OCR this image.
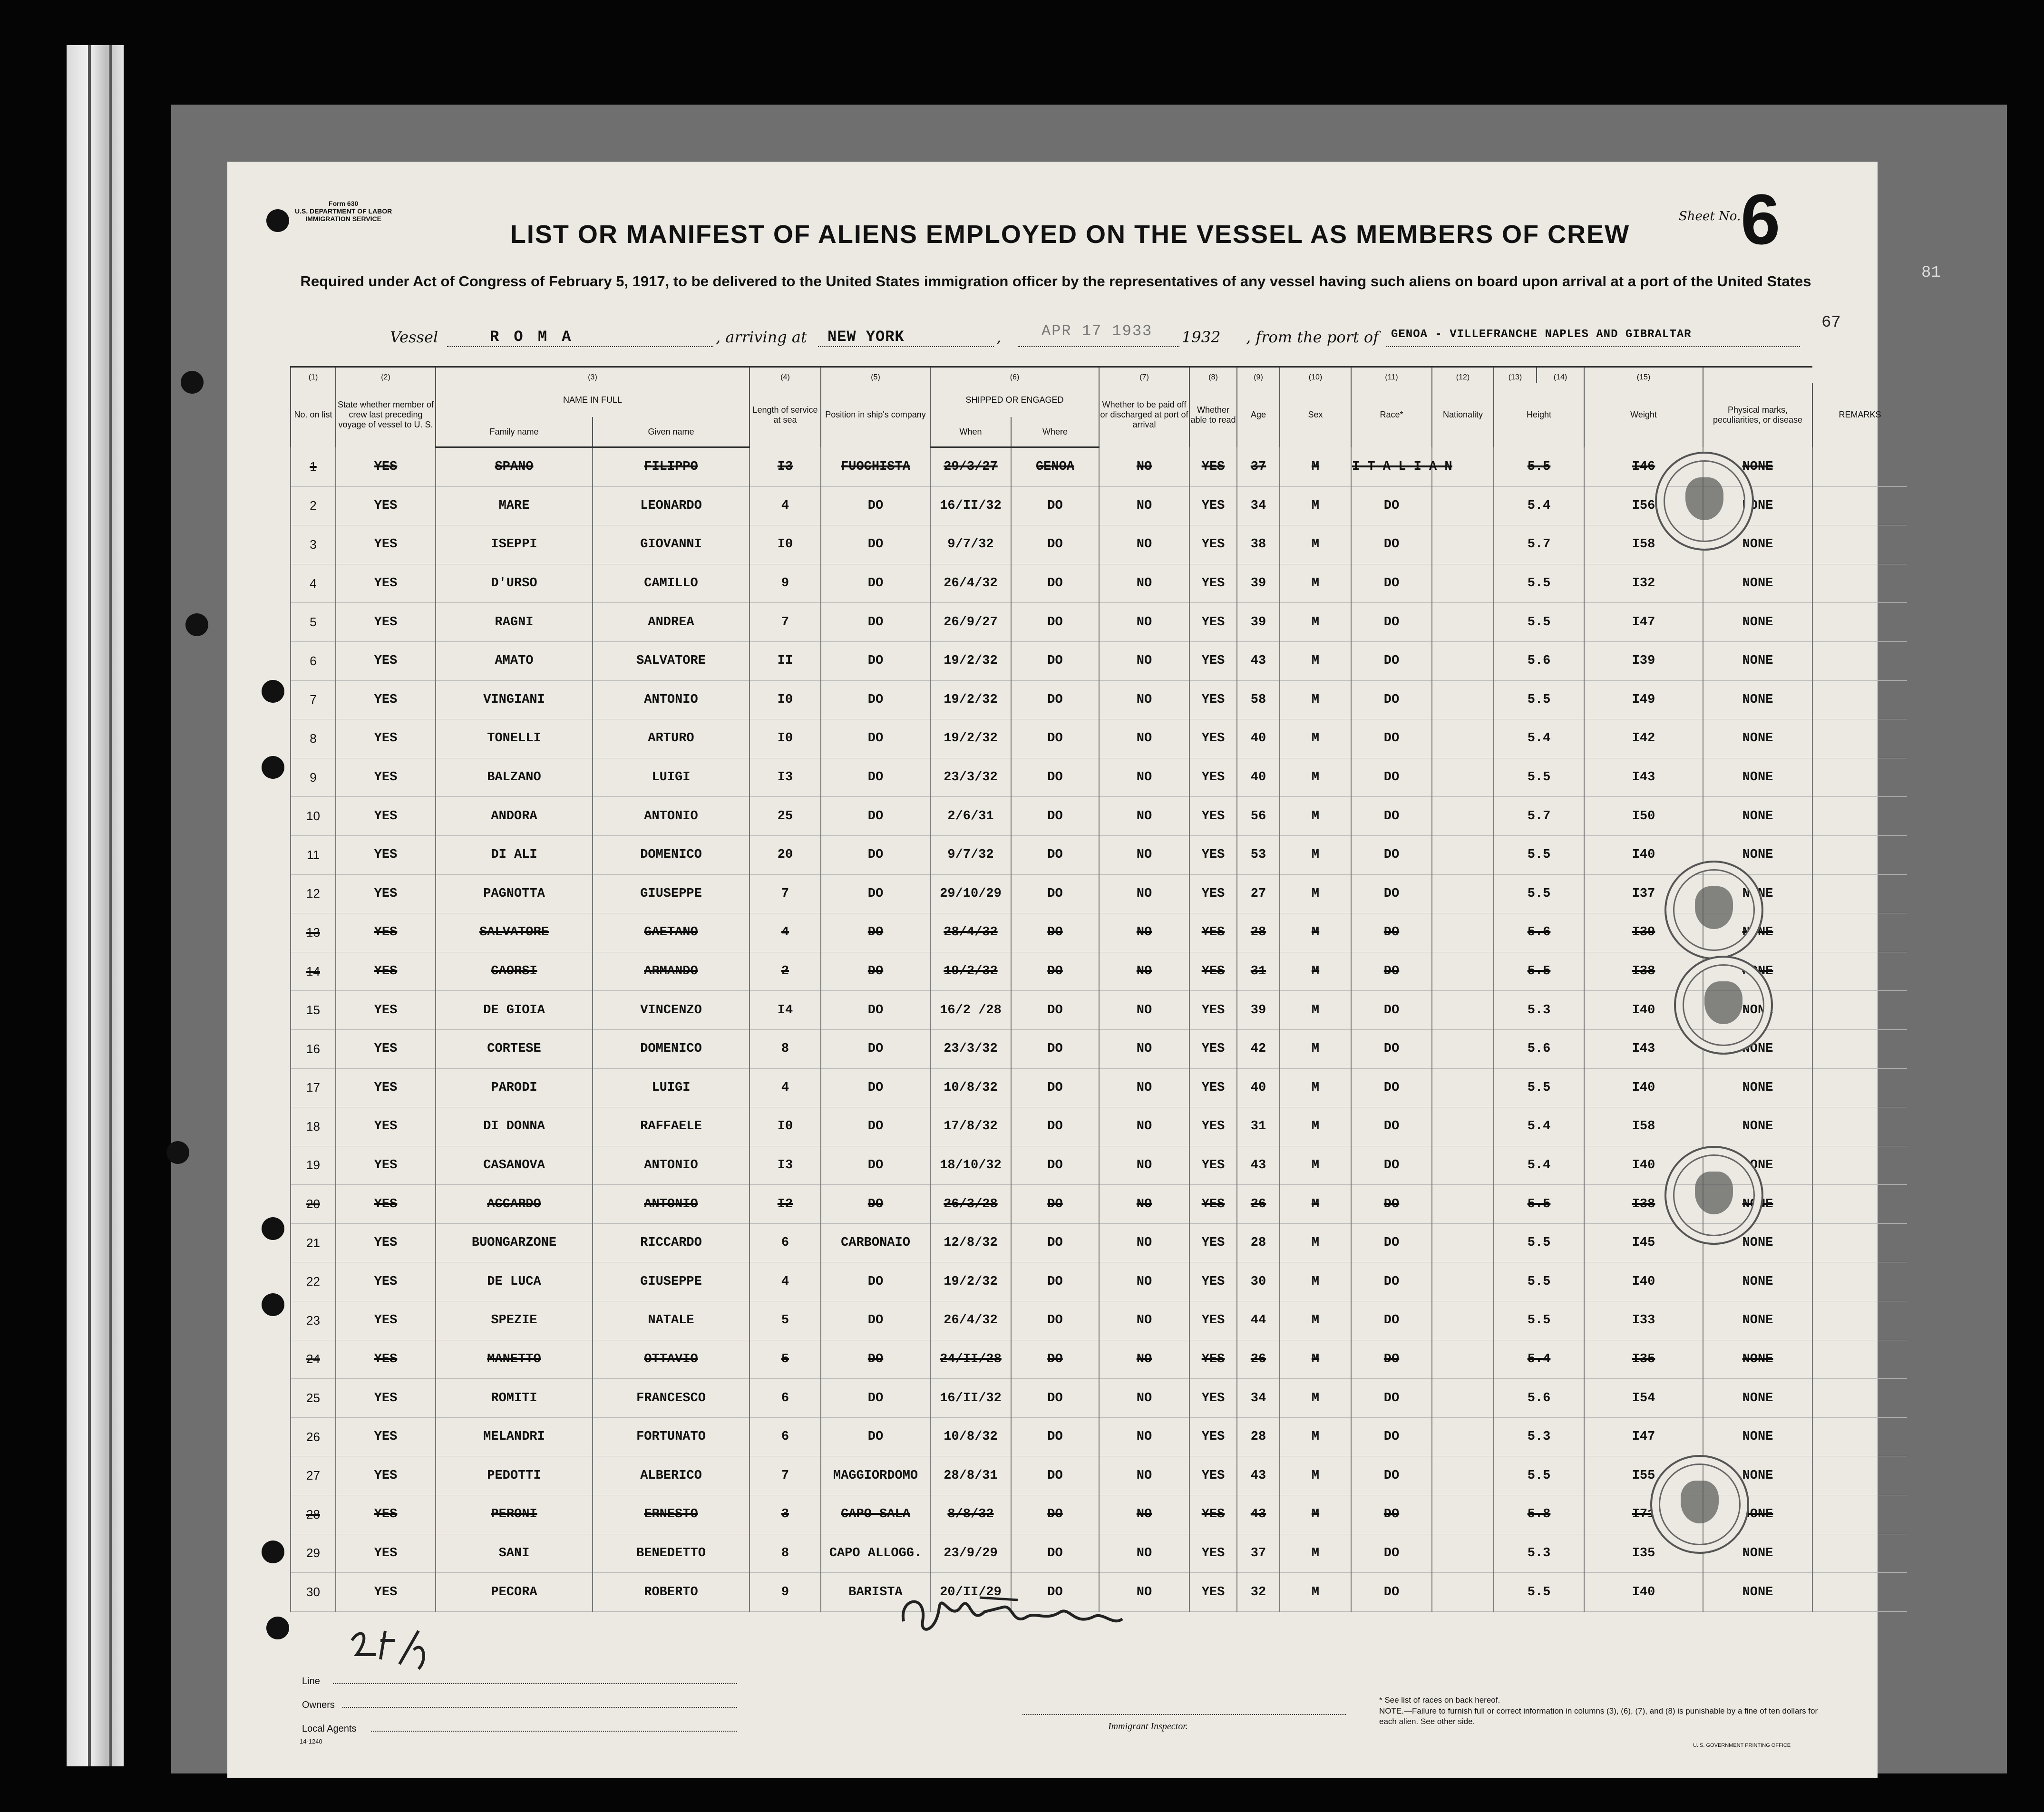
Form 630
U.S. DEPARTMENT OF LABOR
IMMIGRATION SERVICE
LIST OR MANIFEST OF ALIENS EMPLOYED ON THE VESSEL AS MEMBERS OF CREW
Required under Act of Congress of February 5, 1917, to be delivered to the United States immigration officer by the representatives of any vessel having such aliens on board upon arrival at a port of the United States
Sheet No. 6
81
67
Vessel	R O M A	, arriving at NEW YORK	,	1932 , from the port of GENOA - VILLEFRANCHE NAPLES AND GIBRALTAR
APR 17 1933
(1)	(2)	(3)		(4)	(5)	(6)		(7)	(8)	(9)	(10)	(11)	(12)	(13)	(14)	(15)		
No. on list	State whether member of crew last preceding voyage of vessel to U. S.	NAME IN FULL		Length of service at sea	Position in ship's company	SHIPPED OR ENGAGED		Whether to be paid off or discharged at port of arrival	Whether able to read	Age	Sex	Race*	Nationality	Height		Weight	Physical marks, peculiarities, or disease	REMARKS
		Family name	Given name			When	Where											
1	YES	SPANO	FILIPPO	I3	FUOCHISTA	29/3/27	GENOA	NO	YES	37	M	I T A L I A N		5.5		I46	NONE	
2	YES	MARE	LEONARDO	4	DO	16/II/32	DO	NO	YES	34	M	DO		5.4		I56	NONE	
3	YES	ISEPPI	GIOVANNI	I0	DO	9/7/32	DO	NO	YES	38	M	DO		5.7		I58	NONE	
4	YES	D'URSO	CAMILLO	9	DO	26/4/32	DO	NO	YES	39	M	DO		5.5		I32	NONE	
5	YES	RAGNI	ANDREA	7	DO	26/9/27	DO	NO	YES	39	M	DO		5.5		I47	NONE	
6	YES	AMATO	SALVATORE	II	DO	19/2/32	DO	NO	YES	43	M	DO		5.6		I39	NONE	
7	YES	VINGIANI	ANTONIO	I0	DO	19/2/32	DO	NO	YES	58	M	DO		5.5		I49	NONE	
8	YES	TONELLI	ARTURO	I0	DO	19/2/32	DO	NO	YES	40	M	DO		5.4		I42	NONE	
9	YES	BALZANO	LUIGI	I3	DO	23/3/32	DO	NO	YES	40	M	DO		5.5		I43	NONE	
10	YES	ANDORA	ANTONIO	25	DO	2/6/31	DO	NO	YES	56	M	DO		5.7		I50	NONE	
11	YES	DI ALI	DOMENICO	20	DO	9/7/32	DO	NO	YES	53	M	DO		5.5		I40	NONE	
12	YES	PAGNOTTA	GIUSEPPE	7	DO	29/10/29	DO	NO	YES	27	M	DO		5.5		I37	NONE	
13	YES	SALVATORE	GAETANO	4	DO	28/4/32	DO	NO	YES	28	M	DO		5.6		I39	NONE	
14	YES	CAORSI	ARMANDO	2	DO	19/2/32	DO	NO	YES	31	M	DO		5.5		I38	NONE	
15	YES	DE GIOIA	VINCENZO	I4	DO	16/2 /28	DO	NO	YES	39	M	DO		5.3		I40	NONE	
16	YES	CORTESE	DOMENICO	8	DO	23/3/32	DO	NO	YES	42	M	DO		5.6		I43	NONE	
17	YES	PARODI	LUIGI	4	DO	10/8/32	DO	NO	YES	40	M	DO		5.5		I40	NONE	
18	YES	DI DONNA	RAFFAELE	I0	DO	17/8/32	DO	NO	YES	31	M	DO		5.4		I58	NONE	
19	YES	CASANOVA	ANTONIO	I3	DO	18/10/32	DO	NO	YES	43	M	DO		5.4		I40	NONE	
20	YES	ACCARDO	ANTONIO	I2	DO	26/3/28	DO	NO	YES	26	M	DO		5.5		I38	NONE	
21	YES	BUONGARZONE	RICCARDO	6	CARBONAIO	12/8/32	DO	NO	YES	28	M	DO		5.5		I45	NONE	
22	YES	DE LUCA	GIUSEPPE	4	DO	19/2/32	DO	NO	YES	30	M	DO		5.5		I40	NONE	
23	YES	SPEZIE	NATALE	5	DO	26/4/32	DO	NO	YES	44	M	DO		5.5		I33	NONE	
24	YES	MANETTO	OTTAVIO	5	DO	24/II/28	DO	NO	YES	26	M	DO		5.4		I35	NONE	
25	YES	ROMITI	FRANCESCO	6	DO	16/II/32	DO	NO	YES	34	M	DO		5.6		I54	NONE	
26	YES	MELANDRI	FORTUNATO	6	DO	10/8/32	DO	NO	YES	28	M	DO		5.3		I47	NONE	
27	YES	PEDOTTI	ALBERICO	7	MAGGIORDOMO	28/8/31	DO	NO	YES	43	M	DO		5.5		I55	NONE	
28	YES	PERONI	ERNESTO	3	CAPO SALA	8/8/32	DO	NO	YES	43	M	DO		5.8		I71	NONE	
29	YES	SANI	BENEDETTO	8	CAPO ALLOGG.	23/9/29	DO	NO	YES	37	M	DO		5.3		I35	NONE	
30	YES	PECORA	ROBERTO	9	BARISTA	20/II/29	DO	NO	YES	32	M	DO		5.5		I40	NONE	
Line
Owners
Local Agents
14-1240
Immigrant Inspector.
* See list of races on back hereof.
NOTE.—Failure to furnish full or correct information in columns (3), (6), (7), and (8) is punishable by a fine of ten dollars for each alien. See other side.
U. S. GOVERNMENT PRINTING OFFICE
